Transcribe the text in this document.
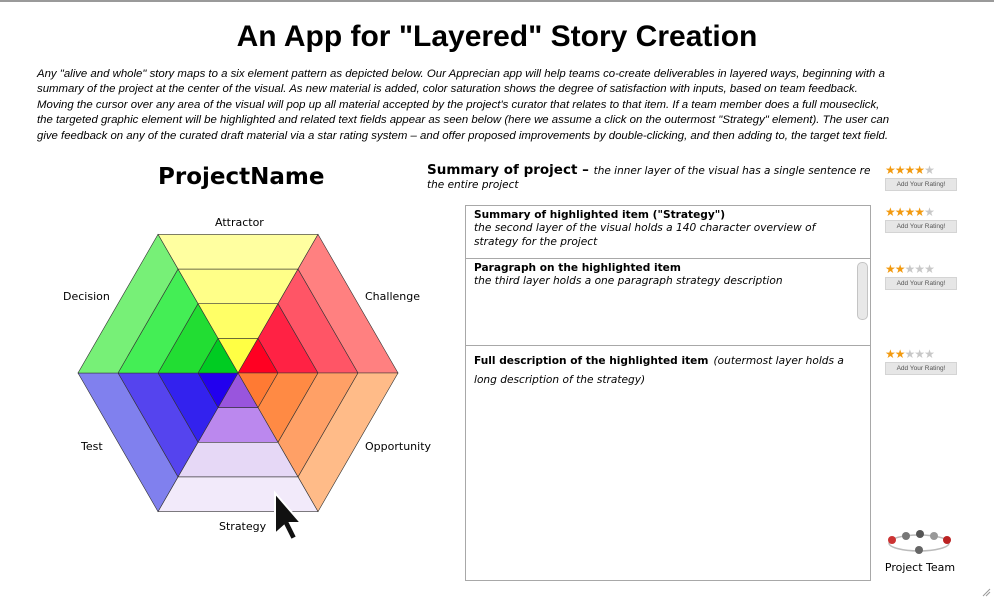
An App for "Layered" Story Creation

Any "alive and whole" story maps to a six element pattern as depicted below. Our Apprecian app will help teams co-create deliverables in layered ways, beginning with a

summary of the project at the center of the visual. As new material is added, color saturation shows the degree of satisfaction with inputs, based on team feedback.

Moving the cursor over any area of the visual will pop up all material accepted by the project's curator that relates to that item. If a team member does a full mouseclick,

the targeted graphic element will be highlighted and related text fields appear as seen below (here we assume a click on the outermost "Strategy" element). The user can

give feedback on any of the curated draft material via a star rating system – and offer proposed improvements by double-clicking, and then adding to, the target text field.

ProjectName
Attractor
Challenge
Opportunity
Strategy
Test
Decision
Summary of project – the inner layer of the visual has a single sentence re the entire project
Summary of highlighted item ("Strategy")
the second layer of the visual holds a 140 character overview of strategy for the project
Paragraph on the highlighted item
the third layer holds a one paragraph strategy description
Full description of the highlighted item (outermost layer holds a long description of the strategy)
★★★★★
Add Your Rating!
★★★★★
Add Your Rating!
★★★★★
Add Your Rating!
★★★★★
Add Your Rating!
Project Team
